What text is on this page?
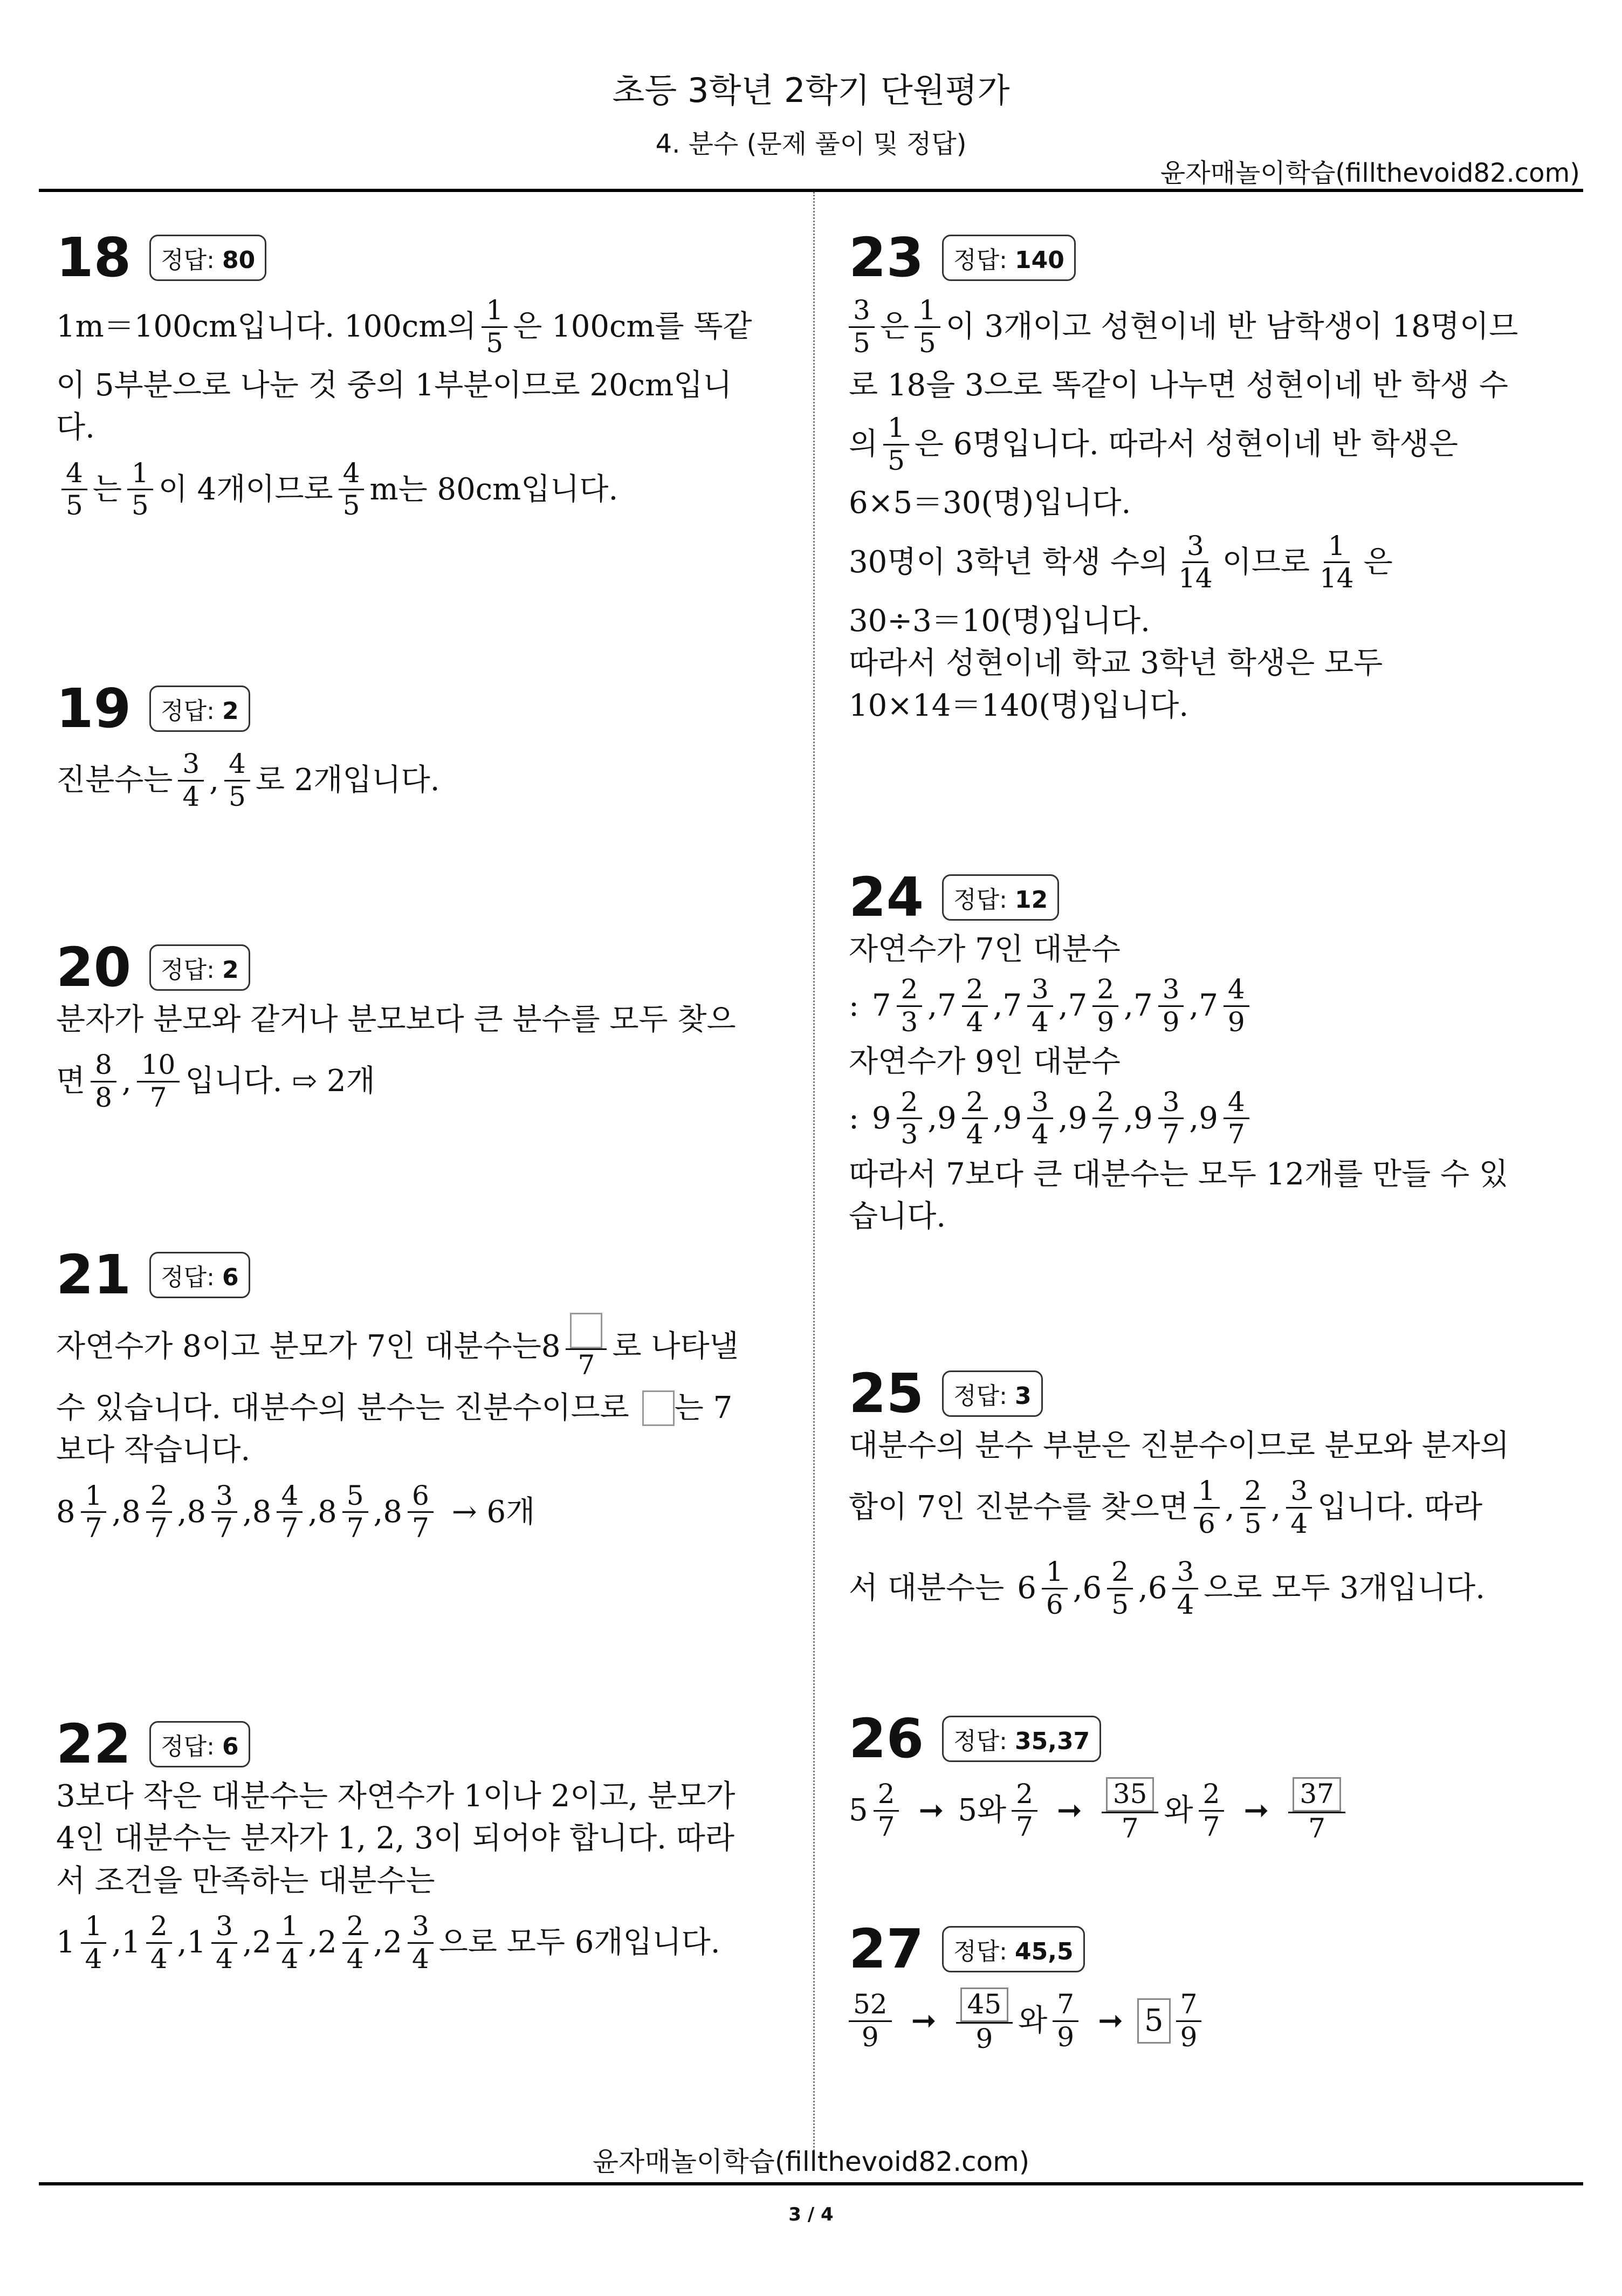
초등 3학년 2학기 단원평가
4. 분수 (문제 풀이 및 정답)
윤자매놀이학습(fillthevoid82.com)
18	정답: 80
1m＝100cm입니다. 100cm의 $\frac{1}{5}$ 은 100cm를 똑같
이 5부분으로 나눈 것 중의 1부분이므로 20cm입니
다.
$\frac{4}{5}$ 는 $\frac{1}{5}$ 이 4개이므로 $\frac{4}{5}$ m는 80cm입니다.
19	정답: 2
진분수는 $\frac{3}{4}$ , $\frac{4}{5}$ 로 2개입니다.
20	정답: 2
분자가 분모와 같거나 분모보다 큰 분수를 모두 찾으
면 $\frac{8}{8}$ , $\frac{10}{7}$ 입니다. ⇨ 2개
21	정답: 6
자연수가 8이고 분모가 7인 대분수는 8
7
로 나타낼
수 있습니다. 대분수의 분수는 진분수이므로 는 7
보다 작습니다.
$8 \frac{1}{7}$ , $8 \frac{2}{7}$ , $8 \frac{3}{7}$ , $8 \frac{4}{7}$ , $8 \frac{5}{7}$ , $8 \frac{6}{7} \to 6$개
22	정답: 6
3보다 작은 대분수는 자연수가 1이나 2이고, 분모가
4인 대분수는 분자가 1, 2, 3이 되어야 합니다. 따라
서 조건을 만족하는 대분수는
$1 \frac{1}{4}$ , $1 \frac{2}{4}$ , $1 \frac{3}{4}$ , $2 \frac{1}{4}$ , $2 \frac{2}{4}$ , $2 \frac{3}{4}$ 으로 모두 6개입니다.
23	정답: 140
$\frac{3}{5}$ 은 $\frac{1}{5}$ 이 3개이고 성현이네 반 남학생이 18명이므
로 18을 3으로 똑같이 나누면 성현이네 반 학생 수
의 $\frac{1}{5}$ 은 6명입니다. 따라서 성현이네 반 학생은
6×5＝30(명)입니다.
30명이 3학년 학생 수의 $\frac{3}{14}$ 이므로 $\frac{1}{14}$ 은
30÷3＝10(명)입니다.
따라서 성현이네 학교 3학년 학생은 모두
10×14＝140(명)입니다.
24	정답: 12
자연수가 7인 대분수
: $7 \frac{2}{3}$ , $7 \frac{2}{4}$ , $7 \frac{3}{4}$ , $7 \frac{2}{9}$ , $7 \frac{3}{9}$ , $7 \frac{4}{9}$
자연수가 9인 대분수
: $9 \frac{2}{3}$ , $9 \frac{2}{4}$ , $9 \frac{3}{4}$ , $9 \frac{2}{7}$ , $9 \frac{3}{7}$ , $9 \frac{4}{7}$
따라서 7보다 큰 대분수는 모두 12개를 만들 수 있
습니다.
25	정답: 3
대분수의 분수 부분은 진분수이므로 분모와 분자의
합이 7인 진분수를 찾으면 $\frac{1}{6}$ , $\frac{2}{5}$ , $\frac{3}{4}$ 입니다. 따라
서 대분수는 $6 \frac{1}{6}$ , $6 \frac{2}{5}$ , $6 \frac{3}{4}$ 으로 모두 3개입니다.
26	정답: 35,37
$5 \frac{2}{7}$ ➞ 5와 $\frac{2}{7}$ ➞ $\frac{35}{7}$ 와 $\frac{2}{7}$ ➞ $\frac{37}{7}$
27	정답: 45,5
$\frac{52}{9}$ ➞ $\frac{45}{9}$ 와 $\frac{7}{9}$ ➞ $5 \frac{7}{9}$
윤자매놀이학습(fillthevoid82.com)
3 / 4
